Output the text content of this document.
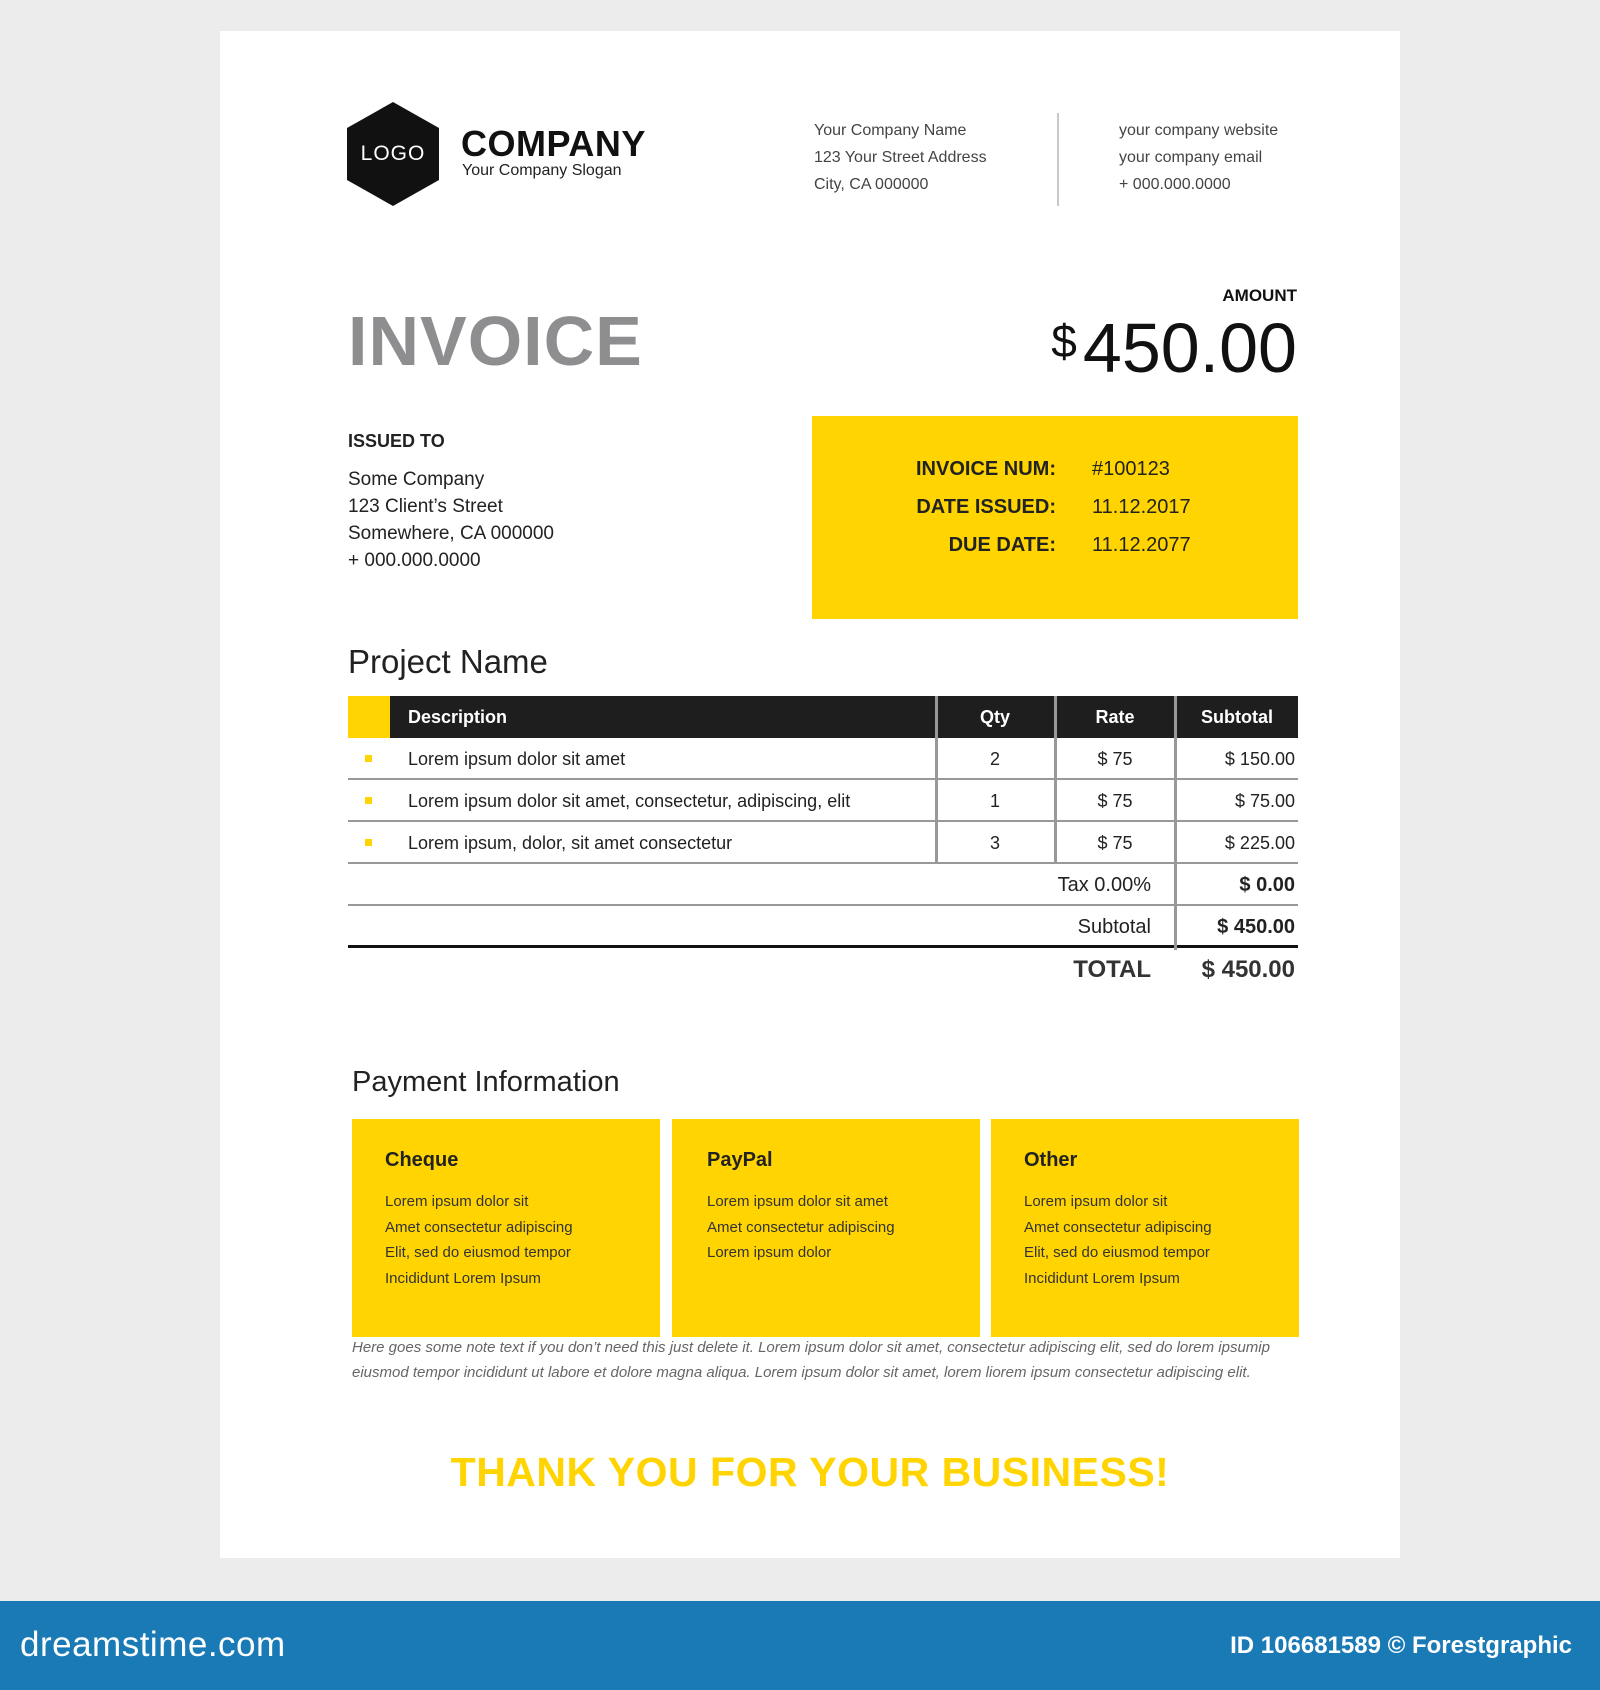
LOGO COMPANY
Your Company Slogan
Your Company Name
123 Your Street Address
City, CA 000000
your company website
your company email
+ 000.000.0000
INVOICE
AMOUNT
$450.00
ISSUED TO
Some Company
123 Client’s Street
Somewhere, CA 000000
+ 000.000.0000
INVOICE NUM: #100123
DATE ISSUED: 11.12.2017
DUE DATE: 11.12.2077
Project Name
Description	Qty	Rate	Subtotal
Lorem ipsum dolor sit amet	2	$ 75	$ 150.00
Lorem ipsum dolor sit amet, consectetur, adipiscing, elit	1	$ 75	$ 75.00
Lorem ipsum, dolor, sit amet consectetur	3	$ 75	$ 225.00
Tax 0.00%	$ 0.00
Subtotal	$ 450.00
TOTAL $ 450.00
Payment Information
Cheque

Lorem ipsum dolor sit

Amet consectetur adipiscing

Elit, sed do eiusmod tempor

Incididunt Lorem Ipsum

PayPal

Lorem ipsum dolor sit amet

Amet consectetur adipiscing

Lorem ipsum dolor

Other

Lorem ipsum dolor sit

Amet consectetur adipiscing

Elit, sed do eiusmod tempor

Incididunt Lorem Ipsum

Here goes some note text if you don’t need this just delete it. Lorem ipsum dolor sit amet, consectetur adipiscing elit, sed do lorem ipsumip
eiusmod tempor incididunt ut labore et dolore magna aliqua. Lorem ipsum dolor sit amet, lorem liorem ipsum consectetur adipiscing elit.
THANK YOU FOR YOUR BUSINESS!
dreamstime.com	ID 106681589 © Forestgraphic
